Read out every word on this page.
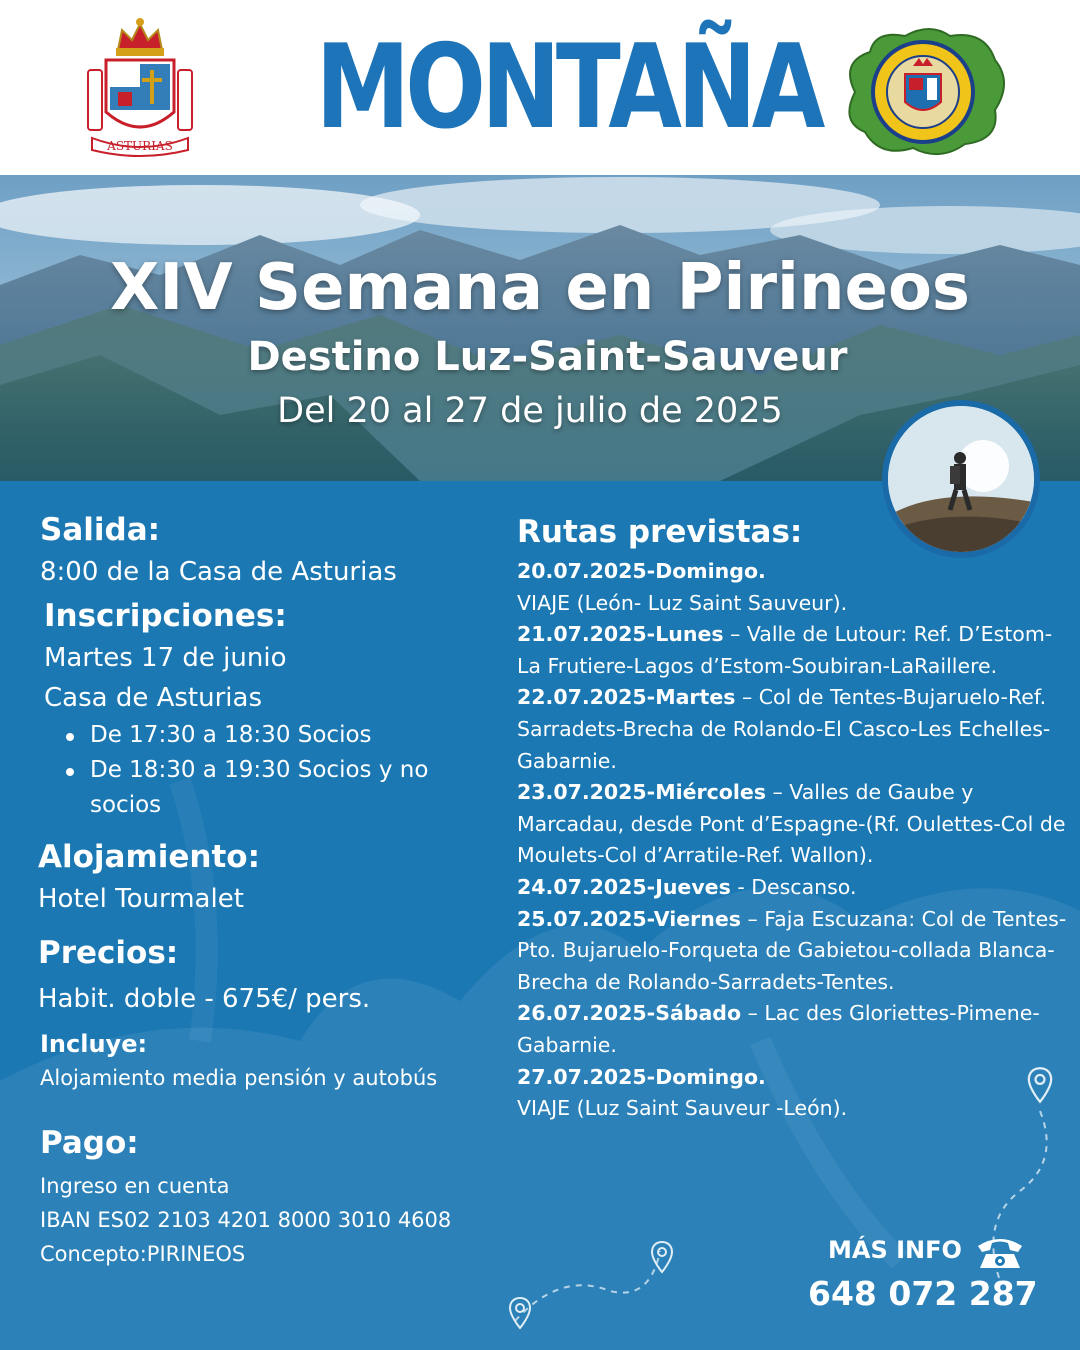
ASTURIAS MONTAÑA
XIV Semana en Pirineos
Destino Luz-Saint-Sauveur
Del 20 al 27 de julio de 2025
Salida:
8:00 de la Casa de Asturias
Inscripciones:
Martes 17 de junio
Casa de Asturias
De 17:30 a 18:30 Socios
De 18:30 a 19:30 Socios y no socios
Alojamiento:
Hotel Tourmalet
Precios:
Habit. doble - 675€/ pers.
Incluye:
Alojamiento media pensión y autobús
Pago:
Ingreso en cuenta
IBAN ES02 2103 4201 8000 3010 4608
Concepto:PIRINEOS
Rutas previstas:
20.07.2025-Domingo.
VIAJE (León- Luz Saint Sauveur).
21.07.2025-Lunes – Valle de Lutour: Ref. D’Estom-La Frutiere-Lagos d’Estom-Soubiran-LaRaillere.
22.07.2025-Martes – Col de Tentes-Bujaruelo-Ref. Sarradets-Brecha de Rolando-El Casco-Les Echelles-Gabarnie.
23.07.2025-Miércoles – Valles de Gaube y Marcadau, desde Pont d’Espagne-(Rf. Oulettes-Col de Moulets-Col d’Arratile-Ref. Wallon).
24.07.2025-Jueves - Descanso.
25.07.2025-Viernes – Faja Escuzana: Col de Tentes-Pto. Bujaruelo-Forqueta de Gabietou-collada Blanca-Brecha de Rolando-Sarradets-Tentes.
26.07.2025-Sábado – Lac des Gloriettes-Pimene-Gabarnie.
27.07.2025-Domingo.
VIAJE (Luz Saint Sauveur -León).
MÁS INFO
648 072 287
